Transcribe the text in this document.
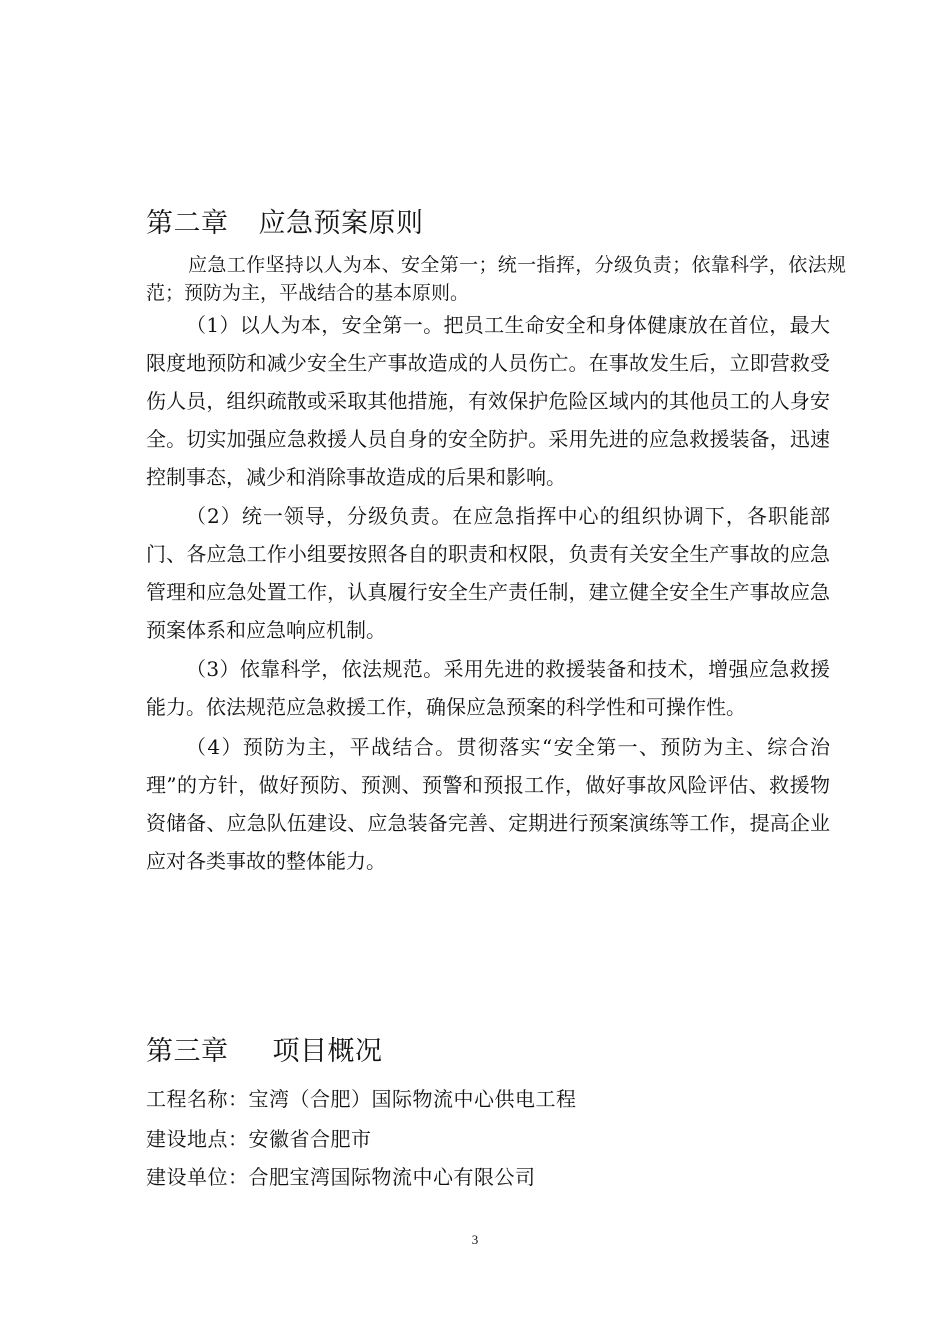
第二章 应急预案原则

应急工作坚持以人为本、安全第一；统一指挥，分级负责；依靠科学，依法规范；预防为主，平战结合的基本原则。

（1）以人为本，安全第一。把员工生命安全和身体健康放在首位，最大限度地预防和减少安全生产事故造成的人员伤亡。在事故发生后，立即营救受伤人员，组织疏散或采取其他措施，有效保护危险区域内的其他员工的人身安全。切实加强应急救援人员自身的安全防护。采用先进的应急救援装备，迅速控制事态，减少和消除事故造成的后果和影响。

（2）统一领导，分级负责。在应急指挥中心的组织协调下，各职能部门、各应急工作小组要按照各自的职责和权限，负责有关安全生产事故的应急管理和应急处置工作，认真履行安全生产责任制，建立健全安全生产事故应急预案体系和应急响应机制。

（3）依靠科学，依法规范。采用先进的救援装备和技术，增强应急救援能力。依法规范应急救援工作，确保应急预案的科学性和可操作性。

（4）预防为主，平战结合。贯彻落实“安全第一、预防为主、综合治理”的方针，做好预防、预测、预警和预报工作，做好事故风险评估、救援物资储备、应急队伍建设、应急装备完善、定期进行预案演练等工作，提高企业应对各类事故的整体能力。

第三章 项目概况
工程名称：宝湾（合肥）国际物流中心供电工程
建设地点：安徽省合肥市
建设单位：合肥宝湾国际物流中心有限公司
3
